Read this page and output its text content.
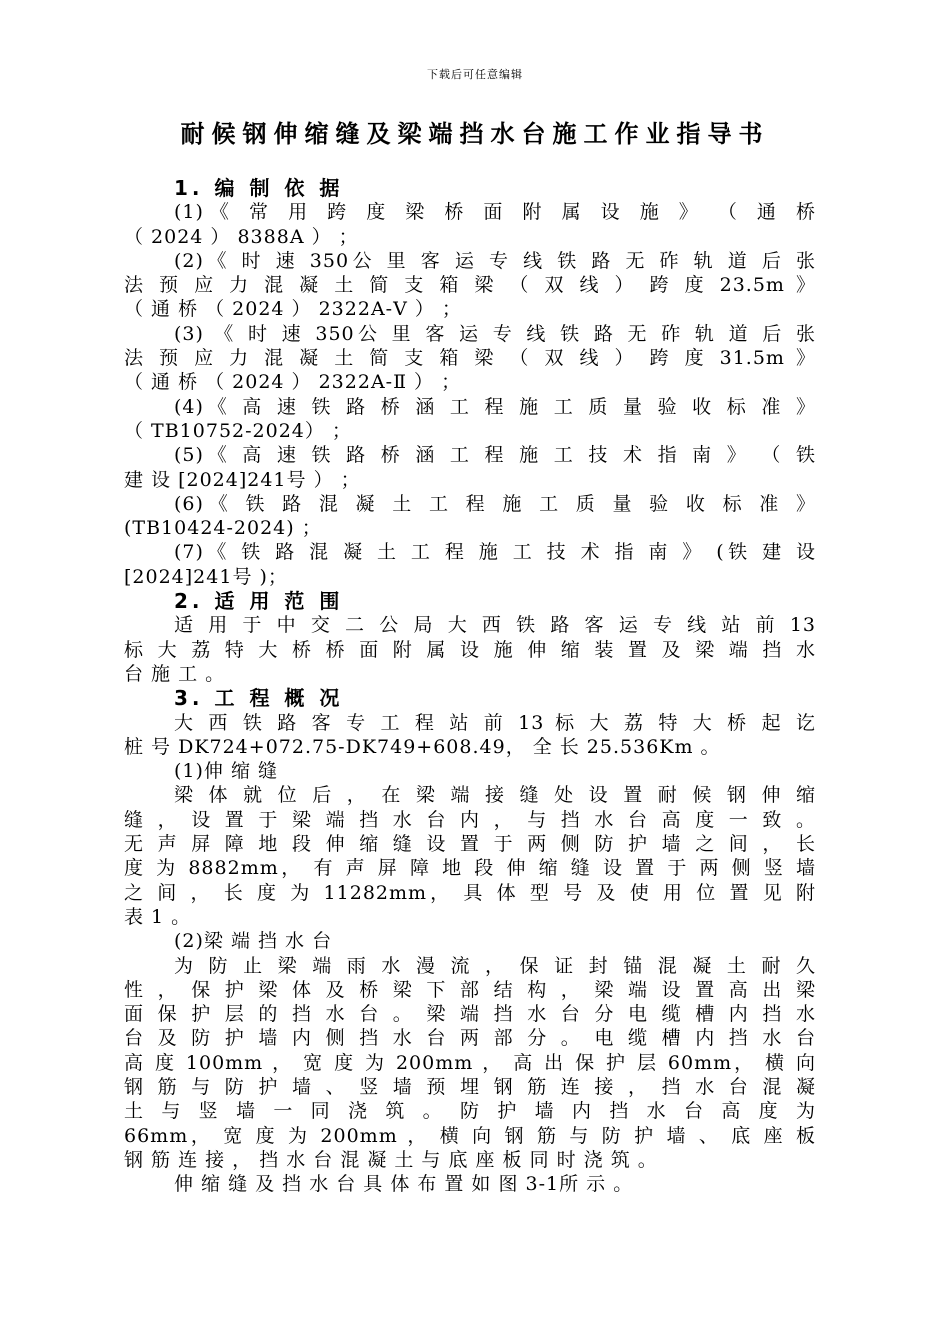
下载后可任意编辑
耐候钢伸缩缝及梁端挡水台施工作业指导书
1. 编 制 依 据
(1)《 常 用 跨 度 梁 桥 面 附 属 设 施 》 （ 通 桥
（ 2024 ） 8388A ） ；
(2)《 时 速 350公 里 客 运 专 线 铁 路 无 砟 轨 道 后 张
法 预 应 力 混 凝 土 简 支 箱 梁 （ 双 线 ） 跨 度 23.5m 》
（ 通 桥 （ 2024 ） 2322A-Ⅴ ） ；
(3) 《 时 速 350公 里 客 运 专 线 铁 路 无 砟 轨 道 后 张
法 预 应 力 混 凝 土 简 支 箱 梁 （ 双 线 ） 跨 度 31.5m 》
（ 通 桥 （ 2024 ） 2322A-Ⅱ ） ；
(4)《 高 速 铁 路 桥 涵 工 程 施 工 质 量 验 收 标 准 》
（ TB10752-2024） ；
(5)《 高 速 铁 路 桥 涵 工 程 施 工 技 术 指 南 》 （ 铁
建 设 [2024]241号 ） ；
(6)《 铁 路 混 凝 土 工 程 施 工 质 量 验 收 标 准 》
(TB10424-2024) ；
(7)《 铁 路 混 凝 土 工 程 施 工 技 术 指 南 》 (铁 建 设
[2024]241号 )；
2. 适 用 范 围
适 用 于 中 交 二 公 局 大 西 铁 路 客 运 专 线 站 前 13
标 大 荔 特 大 桥 桥 面 附 属 设 施 伸 缩 装 置 及 梁 端 挡 水
台 施 工 。
3. 工 程 概 况
大 西 铁 路 客 专 工 程 站 前 13 标 大 荔 特 大 桥 起 讫
桩 号 DK724+072.75-DK749+608.49， 全 长 25.536Km 。
(1)伸 缩 缝
梁 体 就 位 后 ， 在 梁 端 接 缝 处 设 置 耐 候 钢 伸 缩
缝 ， 设 置 于 梁 端 挡 水 台 内 ， 与 挡 水 台 高 度 一 致 。
无 声 屏 障 地 段 伸 缩 缝 设 置 于 两 侧 防 护 墙 之 间 ， 长
度 为 8882mm， 有 声 屏 障 地 段 伸 缩 缝 设 置 于 两 侧 竖 墙
之 间 ， 长 度 为 11282mm， 具 体 型 号 及 使 用 位 置 见 附
表 1 。
(2)梁 端 挡 水 台
为 防 止 梁 端 雨 水 漫 流 ， 保 证 封 锚 混 凝 土 耐 久
性 ， 保 护 梁 体 及 桥 梁 下 部 结 构 ， 梁 端 设 置 高 出 梁
面 保 护 层 的 挡 水 台 。 梁 端 挡 水 台 分 电 缆 槽 内 挡 水
台 及 防 护 墙 内 侧 挡 水 台 两 部 分 。 电 缆 槽 内 挡 水 台
高 度 100mm ， 宽 度 为 200mm ， 高 出 保 护 层 60mm， 横 向
钢 筋 与 防 护 墙 、 竖 墙 预 埋 钢 筋 连 接 ， 挡 水 台 混 凝
土 与 竖 墙 一 同 浇 筑 。 防 护 墙 内 挡 水 台 高 度 为
66mm， 宽 度 为 200mm ， 横 向 钢 筋 与 防 护 墙 、 底 座 板
钢 筋 连 接 ， 挡 水 台 混 凝 土 与 底 座 板 同 时 浇 筑 。
伸 缩 缝 及 挡 水 台 具 体 布 置 如 图 3-1所 示 。
